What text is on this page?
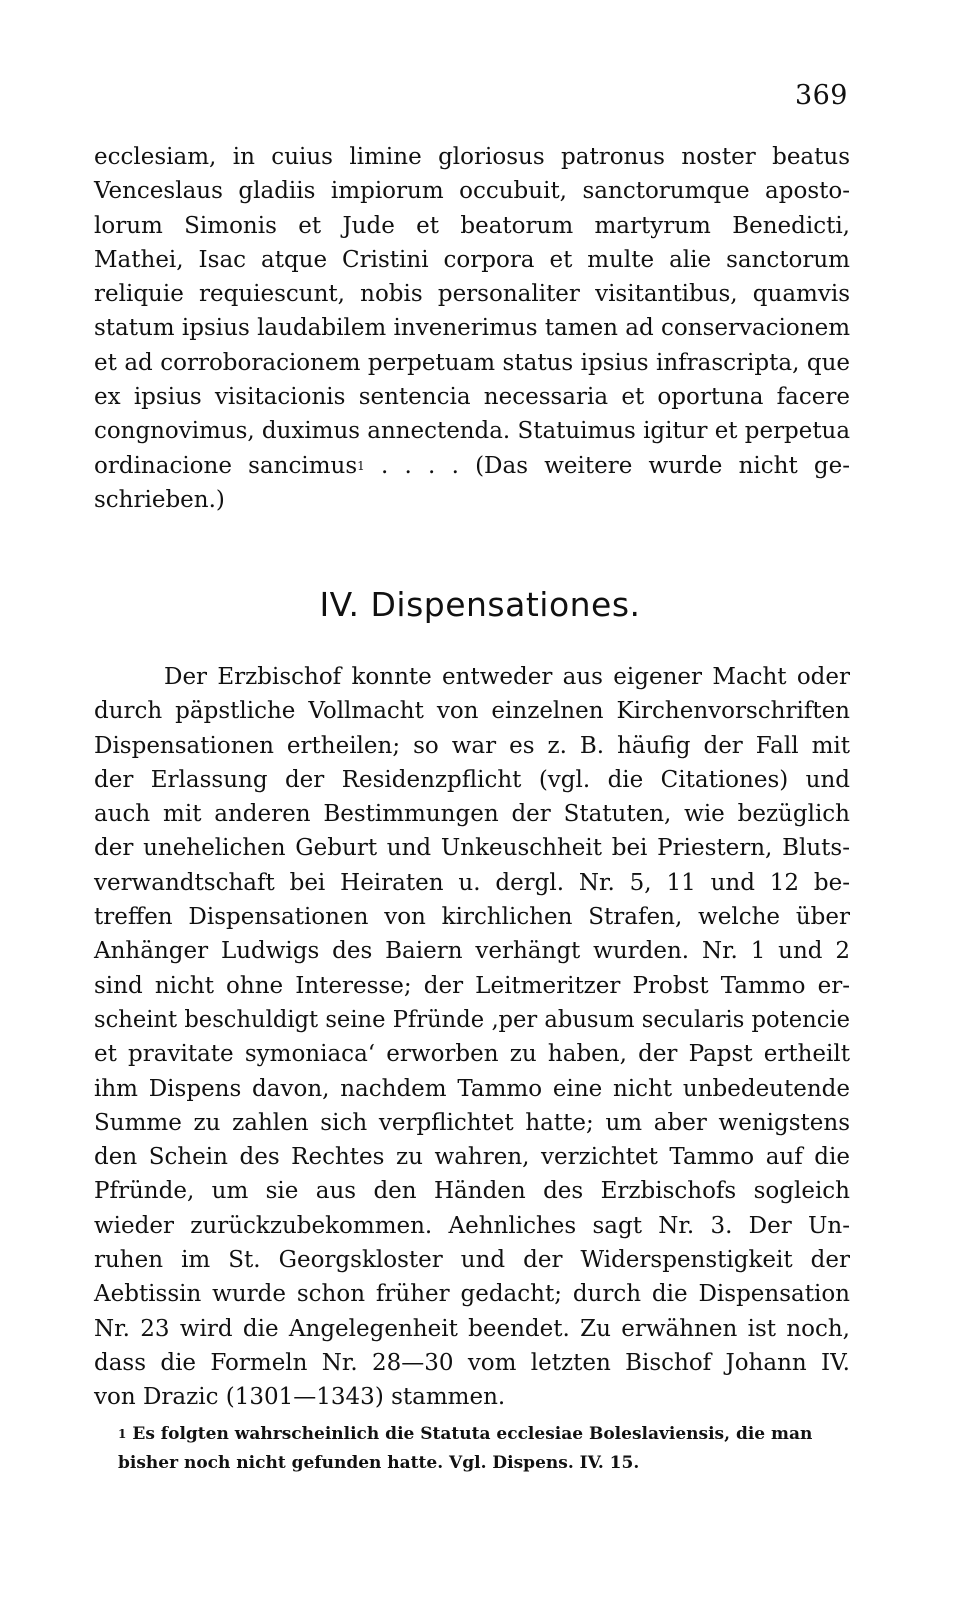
369
ecclesiam, in cuius limine gloriosus patronus noster beatus
Venceslaus gladiis impiorum occubuit, sanctorumque aposto-
lorum Simonis et Jude et beatorum martyrum Benedicti,
Mathei, Isac atque Cristini corpora et multe alie sanctorum
reliquie requiescunt, nobis personaliter visitantibus, quamvis
statum ipsius laudabilem invenerimus tamen ad conservacionem
et ad corroboracionem perpetuam status ipsius infrascripta, que
ex ipsius visitacionis sentencia necessaria et oportuna facere
congnovimus, duximus annectenda. Statuimus igitur et perpetua
ordinacione sancimus$^1$ . . . . (Das weitere wurde nicht ge-
schrieben.)
IV. Dispensationes.
Der Erzbischof konnte entweder aus eigener Macht oder
durch päpstliche Vollmacht von einzelnen Kirchenvorschriften
Dispensationen ertheilen; so war es z. B. häufig der Fall mit
der Erlassung der Residenzpflicht (vgl. die Citationes) und
auch mit anderen Bestimmungen der Statuten, wie bezüglich
der unehelichen Geburt und Unkeuschheit bei Priestern, Bluts-
verwandtschaft bei Heiraten u. dergl. Nr. 5, 11 und 12 be-
treffen Dispensationen von kirchlichen Strafen, welche über
Anhänger Ludwigs des Baiern verhängt wurden. Nr. 1 und 2
sind nicht ohne Interesse; der Leitmeritzer Probst Tammo er-
scheint beschuldigt seine Pfründe ‚per abusum secularis potencie
et pravitate symoniaca‘ erworben zu haben, der Papst ertheilt
ihm Dispens davon, nachdem Tammo eine nicht unbedeutende
Summe zu zahlen sich verpflichtet hatte; um aber wenigstens
den Schein des Rechtes zu wahren, verzichtet Tammo auf die
Pfründe, um sie aus den Händen des Erzbischofs sogleich
wieder zurückzubekommen. Aehnliches sagt Nr. 3. Der Un-
ruhen im St. Georgskloster und der Widerspenstigkeit der
Aebtissin wurde schon früher gedacht; durch die Dispensation
Nr. 23 wird die Angelegenheit beendet. Zu erwähnen ist noch,
dass die Formeln Nr. 28—30 vom letzten Bischof Johann IV.
von Drazic (1301—1343) stammen.
$^1$ Es folgten wahrscheinlich die Statuta ecclesiae Boleslaviensis, die man
bisher noch nicht gefunden hatte. Vgl. Dispens. IV. 15.
